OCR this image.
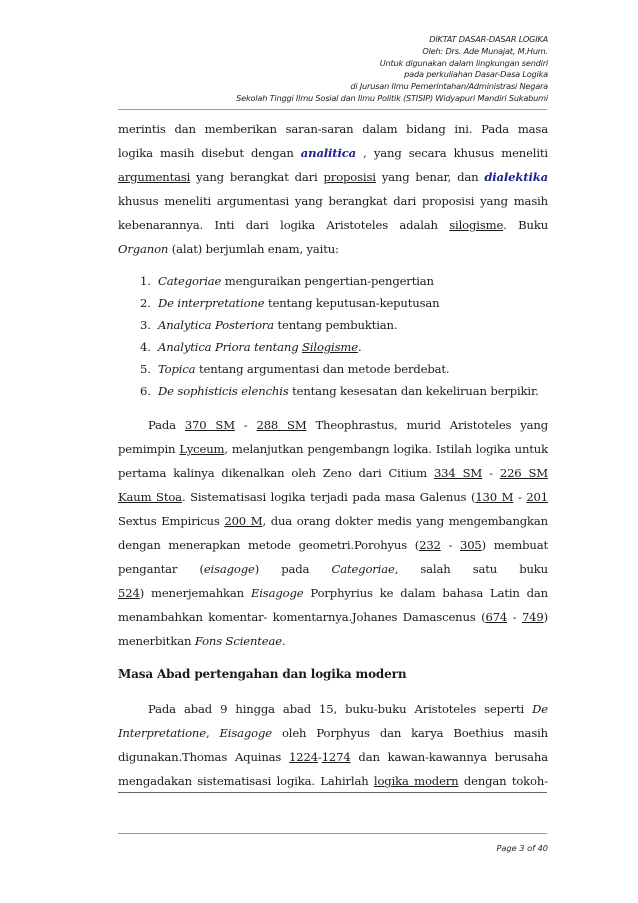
DIKTAT DASAR-DASAR LOGIKA
Oleh: Drs. Ade Munajat, M.Hum.
Untuk digunakan dalam lingkungan sendiri
pada perkuliahan Dasar-Dasa Logika
di Jurusan Ilmu Pemerintahan/Administrasi Negara
Sekolah Tinggi Ilmu Sosial dan Ilmu Politik (STISIP) Widyapuri Mandiri Sukabumi
merintis dan memberikan saran-saran dalam bidang ini. Pada masa
logika masih disebut dengan analitica , yang secara khusus meneliti
argumentasi yang berangkat dari proposisi yang benar, dan dialektika
khusus meneliti argumentasi yang berangkat dari proposisi yang masih
kebenarannya. Inti dari logika Aristoteles adalah silogisme. Buku
Organon (alat) berjumlah enam, yaitu:
1. Categoriae menguraikan pengertian-pengertian
2. De interpretatione tentang keputusan-keputusan
3. Analytica Posteriora tentang pembuktian.
4. Analytica Priora tentang Silogisme.
5. Topica tentang argumentasi dan metode berdebat.
6. De sophisticis elenchis tentang kesesatan dan kekeliruan berpikir.
Pada 370 SM - 288 SM Theophrastus, murid Aristoteles yang
pemimpin Lyceum, melanjutkan pengembangn logika. Istilah logika untuk
pertama kalinya dikenalkan oleh Zeno dari Citium 334 SM - 226 SM
Kaum Stoa. Sistematisasi logika terjadi pada masa Galenus (130 M - 201
Sextus Empiricus 200 M, dua orang dokter medis yang mengembangkan
dengan menerapkan metode geometri.Porohyus (232 - 305) membuat
pengantar (eisagoge) pada Categoriae, salah satu buku
524) menerjemahkan Eisagoge Porphyrius ke dalam bahasa Latin dan
menambahkan komentar- komentarnya.Johanes Damascenus (674 - 749)
menerbitkan Fons Scienteae.
Masa Abad pertengahan dan logika modern
Pada abad 9 hingga abad 15, buku-buku Aristoteles seperti De
Interpretatione, Eisagoge oleh Porphyus dan karya Boethius masih
digunakan.Thomas Aquinas 1224-1274 dan kawan-kawannya berusaha
mengadakan sistematisasi logika. Lahirlah logika modern dengan tokoh-
Page 3 of 40
